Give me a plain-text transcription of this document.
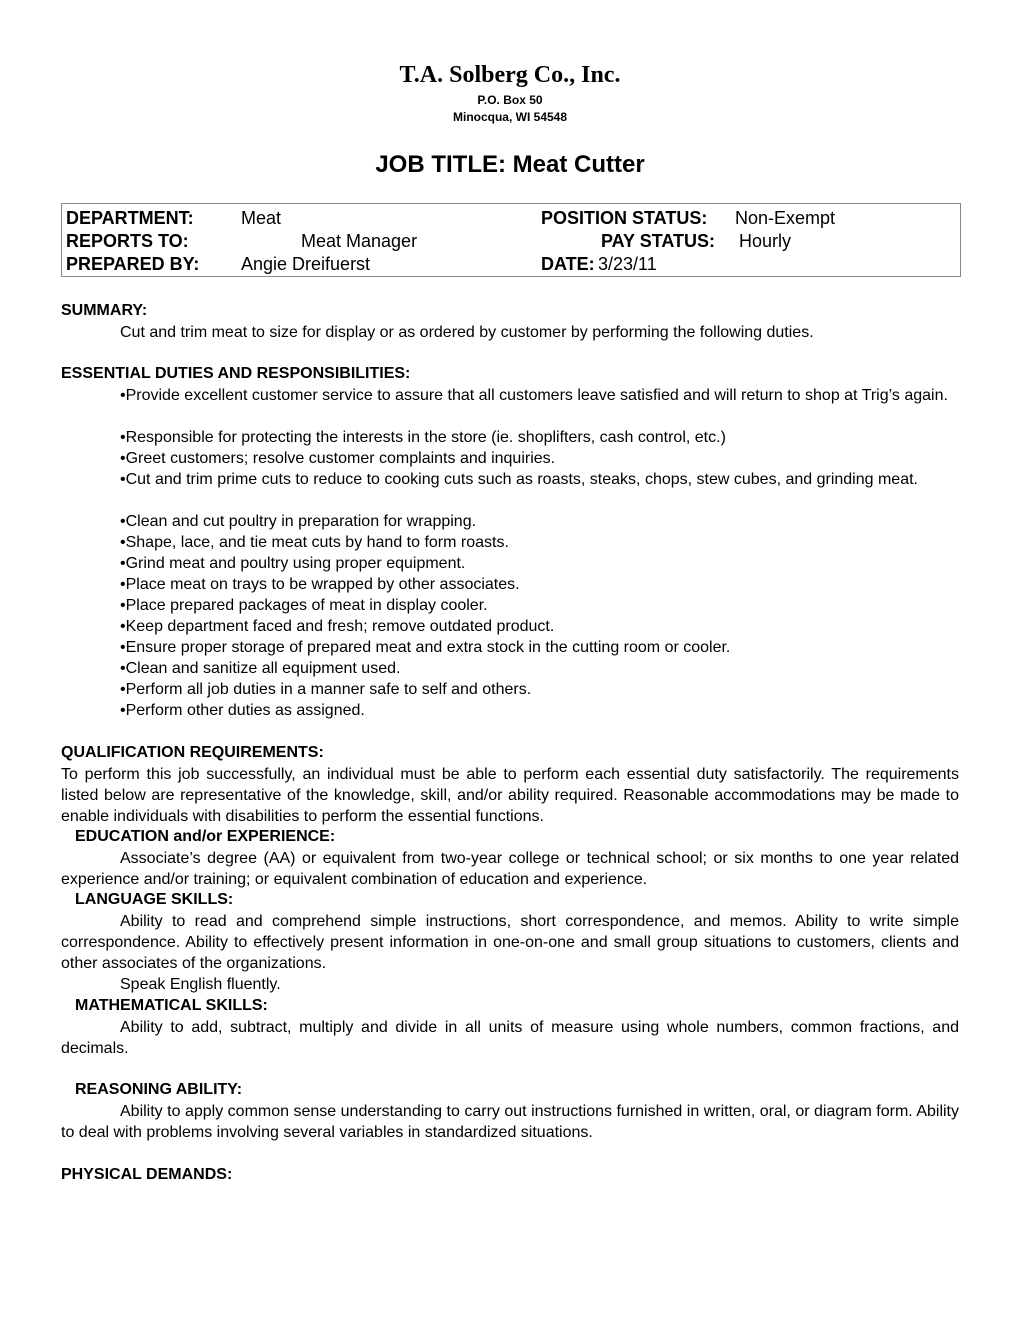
T.A. Solberg Co., Inc.
P.O. Box 50
Minocqua, WI 54548
JOB TITLE: Meat Cutter
DEPARTMENT:	Meat	POSITION STATUS: Non-Exempt
REPORTS TO:	Meat Manager	PAY STATUS: Hourly
PREPARED BY: Angie Dreifuerst	DATE: 3/23/11
SUMMARY:
Cut and trim meat to size for display or as ordered by customer by performing the following duties.
ESSENTIAL DUTIES AND RESPONSIBILITIES:
•Provide excellent customer service to assure that all customers leave satisfied and will return to shop at Trig’s again.
•Responsible for protecting the interests in the store (ie. shoplifters, cash control, etc.)
•Greet customers; resolve customer complaints and inquiries.
•Cut and trim prime cuts to reduce to cooking cuts such as roasts, steaks, chops, stew cubes, and grinding meat.
•Clean and cut poultry in preparation for wrapping.
•Shape, lace, and tie meat cuts by hand to form roasts.
•Grind meat and poultry using proper equipment.
•Place meat on trays to be wrapped by other associates.
•Place prepared packages of meat in display cooler.
•Keep department faced and fresh; remove outdated product.
•Ensure proper storage of prepared meat and extra stock in the cutting room or cooler.
•Clean and sanitize all equipment used.
•Perform all job duties in a manner safe to self and others.
•Perform other duties as assigned.
QUALIFICATION REQUIREMENTS:
To perform this job successfully, an individual must be able to perform each essential duty satisfactorily. The requirements listed below are representative of the knowledge, skill, and/or ability required. Reasonable accommodations may be made to enable individuals with disabilities to perform the essential functions.
EDUCATION and/or EXPERIENCE:
Associate’s degree (AA) or equivalent from two-year college or technical school; or six months to one year related experience and/or training; or equivalent combination of education and experience.
LANGUAGE SKILLS:
Ability to read and comprehend simple instructions, short correspondence, and memos. Ability to write simple correspondence. Ability to effectively present information in one-on-one and small group situations to customers, clients and other associates of the organizations.
Speak English fluently.
MATHEMATICAL SKILLS:
Ability to add, subtract, multiply and divide in all units of measure using whole numbers, common fractions, and decimals.
REASONING ABILITY:
Ability to apply common sense understanding to carry out instructions furnished in written, oral, or diagram form. Ability to deal with problems involving several variables in standardized situations.
PHYSICAL DEMANDS:
